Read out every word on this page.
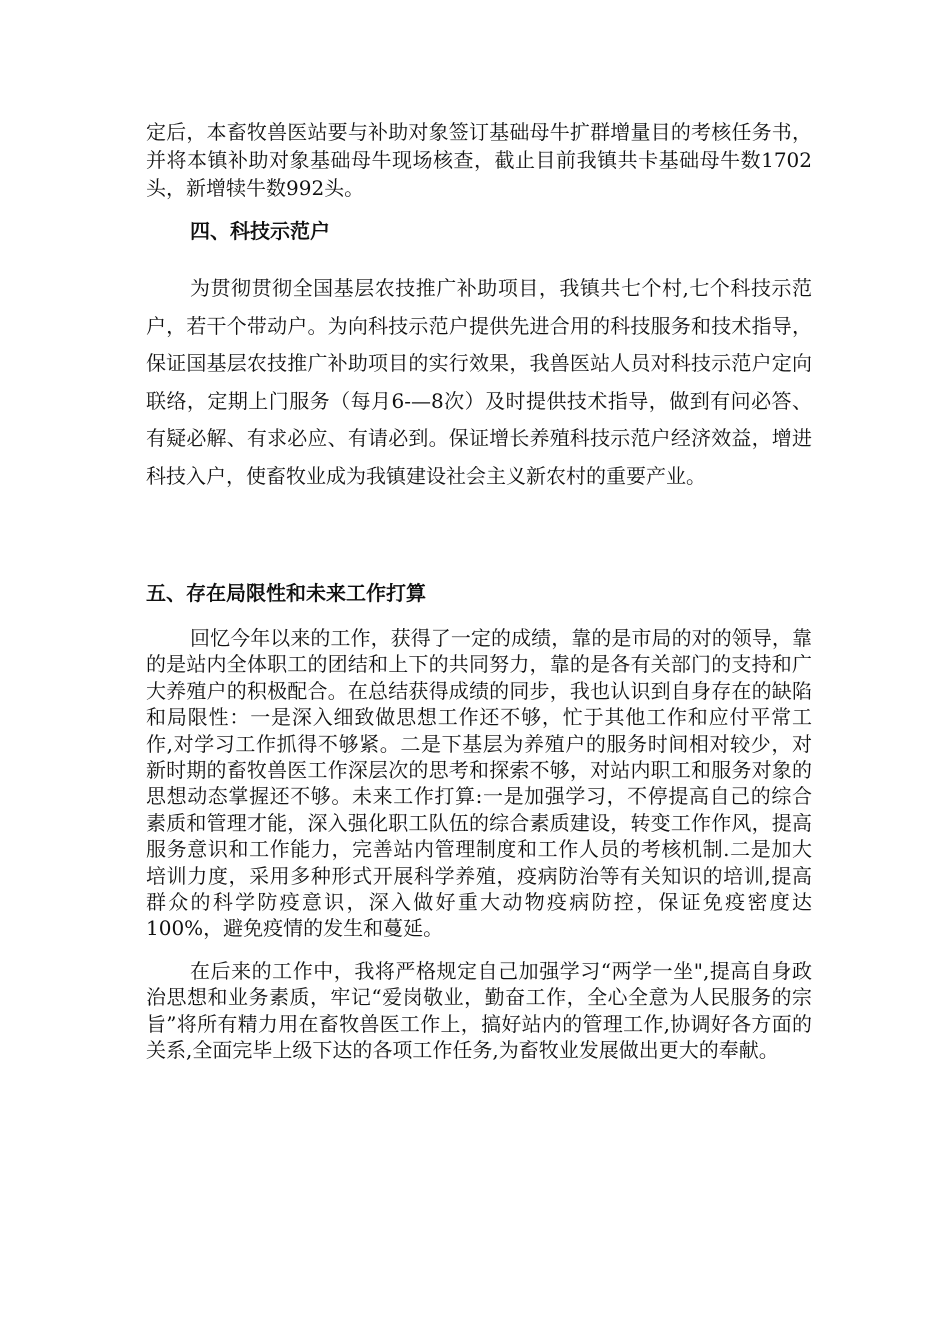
定后，本畜牧兽医站要与补助对象签订基础母牛扩群增量目的考核任务书，并将本镇补助对象基础母牛现场核查，截止目前我镇共卡基础母牛数1702头，新增犊牛数992头。

四、科技示范户

为贯彻贯彻全国基层农技推广补助项目，我镇共七个村,七个科技示范户，若干个带动户。为向科技示范户提供先进合用的科技服务和技术指导，保证国基层农技推广补助项目的实行效果，我兽医站人员对科技示范户定向联络，定期上门服务（每月6-—8次）及时提供技术指导，做到有问必答、有疑必解、有求必应、有请必到。保证增长养殖科技示范户经济效益，增进科技入户，使畜牧业成为我镇建设社会主义新农村的重要产业。

五、存在局限性和未来工作打算

回忆今年以来的工作，获得了一定的成绩，靠的是市局的对的领导，靠的是站内全体职工的团结和上下的共同努力，靠的是各有关部门的支持和广大养殖户的积极配合。在总结获得成绩的同步，我也认识到自身存在的缺陷和局限性：一是深入细致做思想工作还不够，忙于其他工作和应付平常工作,对学习工作抓得不够紧。二是下基层为养殖户的服务时间相对较少，对新时期的畜牧兽医工作深层次的思考和探索不够，对站内职工和服务对象的思想动态掌握还不够。未来工作打算:一是加强学习，不停提高自己的综合素质和管理才能，深入强化职工队伍的综合素质建设，转变工作作风，提高服务意识和工作能力，完善站内管理制度和工作人员的考核机制.二是加大培训力度，采用多种形式开展科学养殖，疫病防治等有关知识的培训,提高群众的科学防疫意识，深入做好重大动物疫病防控，保证免疫密度达100%，避免疫情的发生和蔓延。

在后来的工作中，我将严格规定自己加强学习“两学一坐",提高自身政治思想和业务素质，牢记“爱岗敬业，勤奋工作，全心全意为人民服务的宗旨”将所有精力用在畜牧兽医工作上，搞好站内的管理工作,协调好各方面的关系,全面完毕上级下达的各项工作任务,为畜牧业发展做出更大的奉献。
